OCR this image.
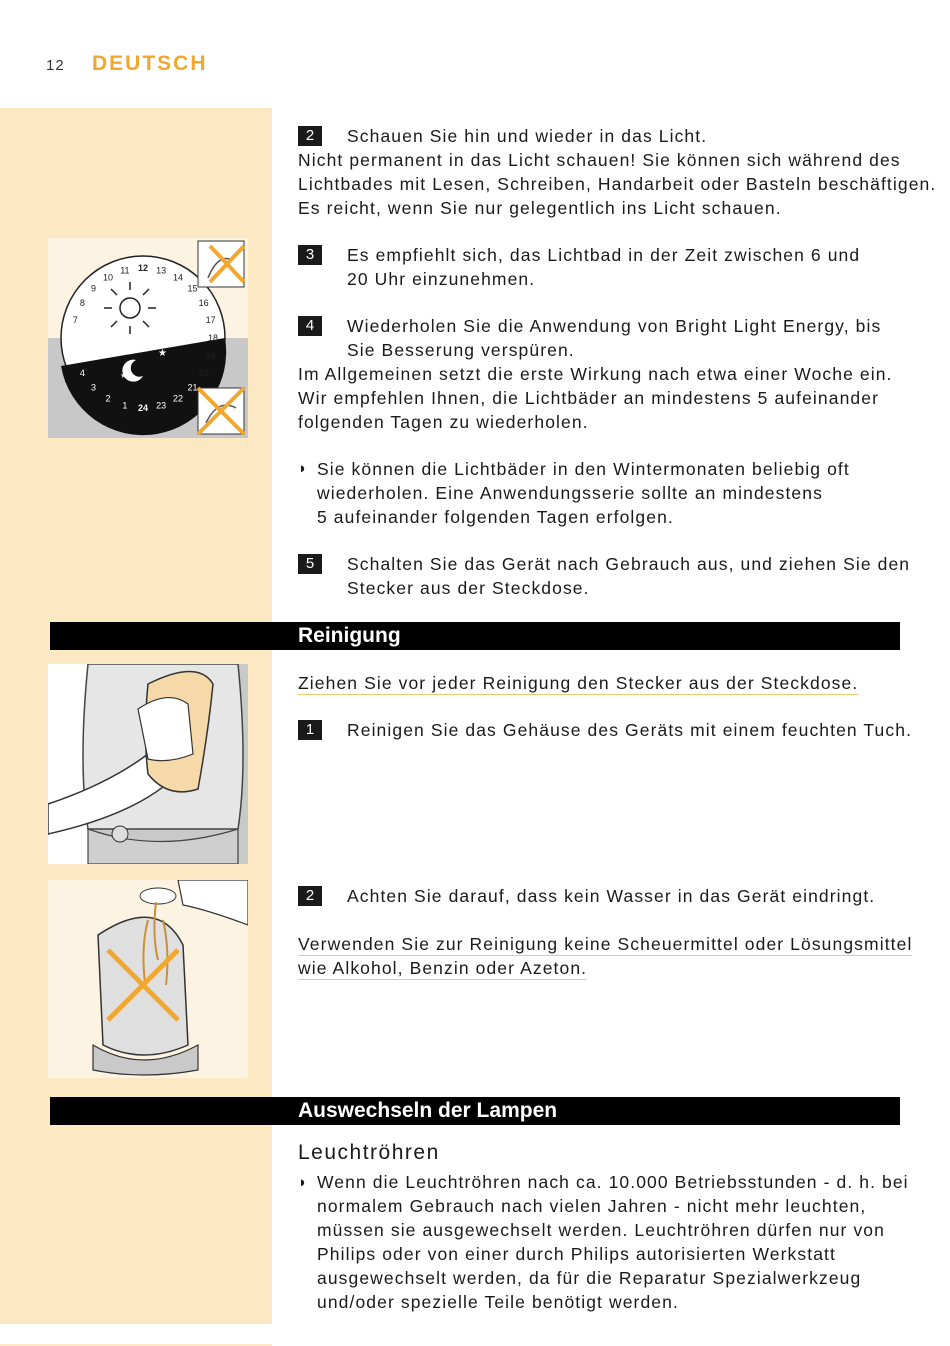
12 DEUTSCH
2	Schauen Sie hin und wieder in das Licht.
Nicht permanent in das Licht schauen! Sie können sich während des
Lichtbades mit Lesen, Schreiben, Handarbeit oder Basteln beschäftigen.
Es reicht, wenn Sie nur gelegentlich ins Licht schauen.
3	Es empfiehlt sich, das Lichtbad in der Zeit zwischen 6 und
20 Uhr einzunehmen.
4	Wiederholen Sie die Anwendung von Bright Light Energy, bis
Sie Besserung verspüren.
Im Allgemeinen setzt die erste Wirkung nach etwa einer Woche ein.
Wir empfehlen Ihnen, die Lichtbäder an mindestens 5 aufeinander
folgenden Tagen zu wiederholen.
◗ Sie können die Lichtbäder in den Wintermonaten beliebig oft
wiederholen. Eine Anwendungsserie sollte an mindestens
5 aufeinander folgenden Tagen erfolgen.
5	Schalten Sie das Gerät nach Gebrauch aus, und ziehen Sie den
Stecker aus der Steckdose.
Reinigung
Ziehen Sie vor jeder Reinigung den Stecker aus der Steckdose.
1	Reinigen Sie das Gehäuse des Geräts mit einem feuchten Tuch.
2	Achten Sie darauf, dass kein Wasser in das Gerät eindringt.
Verwenden Sie zur Reinigung keine Scheuermittel oder Lösungsmittel
wie Alkohol, Benzin oder Azeton.
Auswechseln der Lampen
Leuchtröhren
◗ Wenn die Leuchtröhren nach ca. 10.000 Betriebsstunden - d. h. bei
normalem Gebrauch nach vielen Jahren - nicht mehr leuchten,
müssen sie ausgewechselt werden. Leuchtröhren dürfen nur von
Philips oder von einer durch Philips autorisierten Werkstatt
ausgewechselt werden, da für die Reparatur Spezialwerkzeug
und/oder spezielle Teile benötigt werden.
★
★
★
1
2
3
4
5
6
7
8
9
10
11 12 13
14
15
16
17
18
19
20
21
22
23
24
